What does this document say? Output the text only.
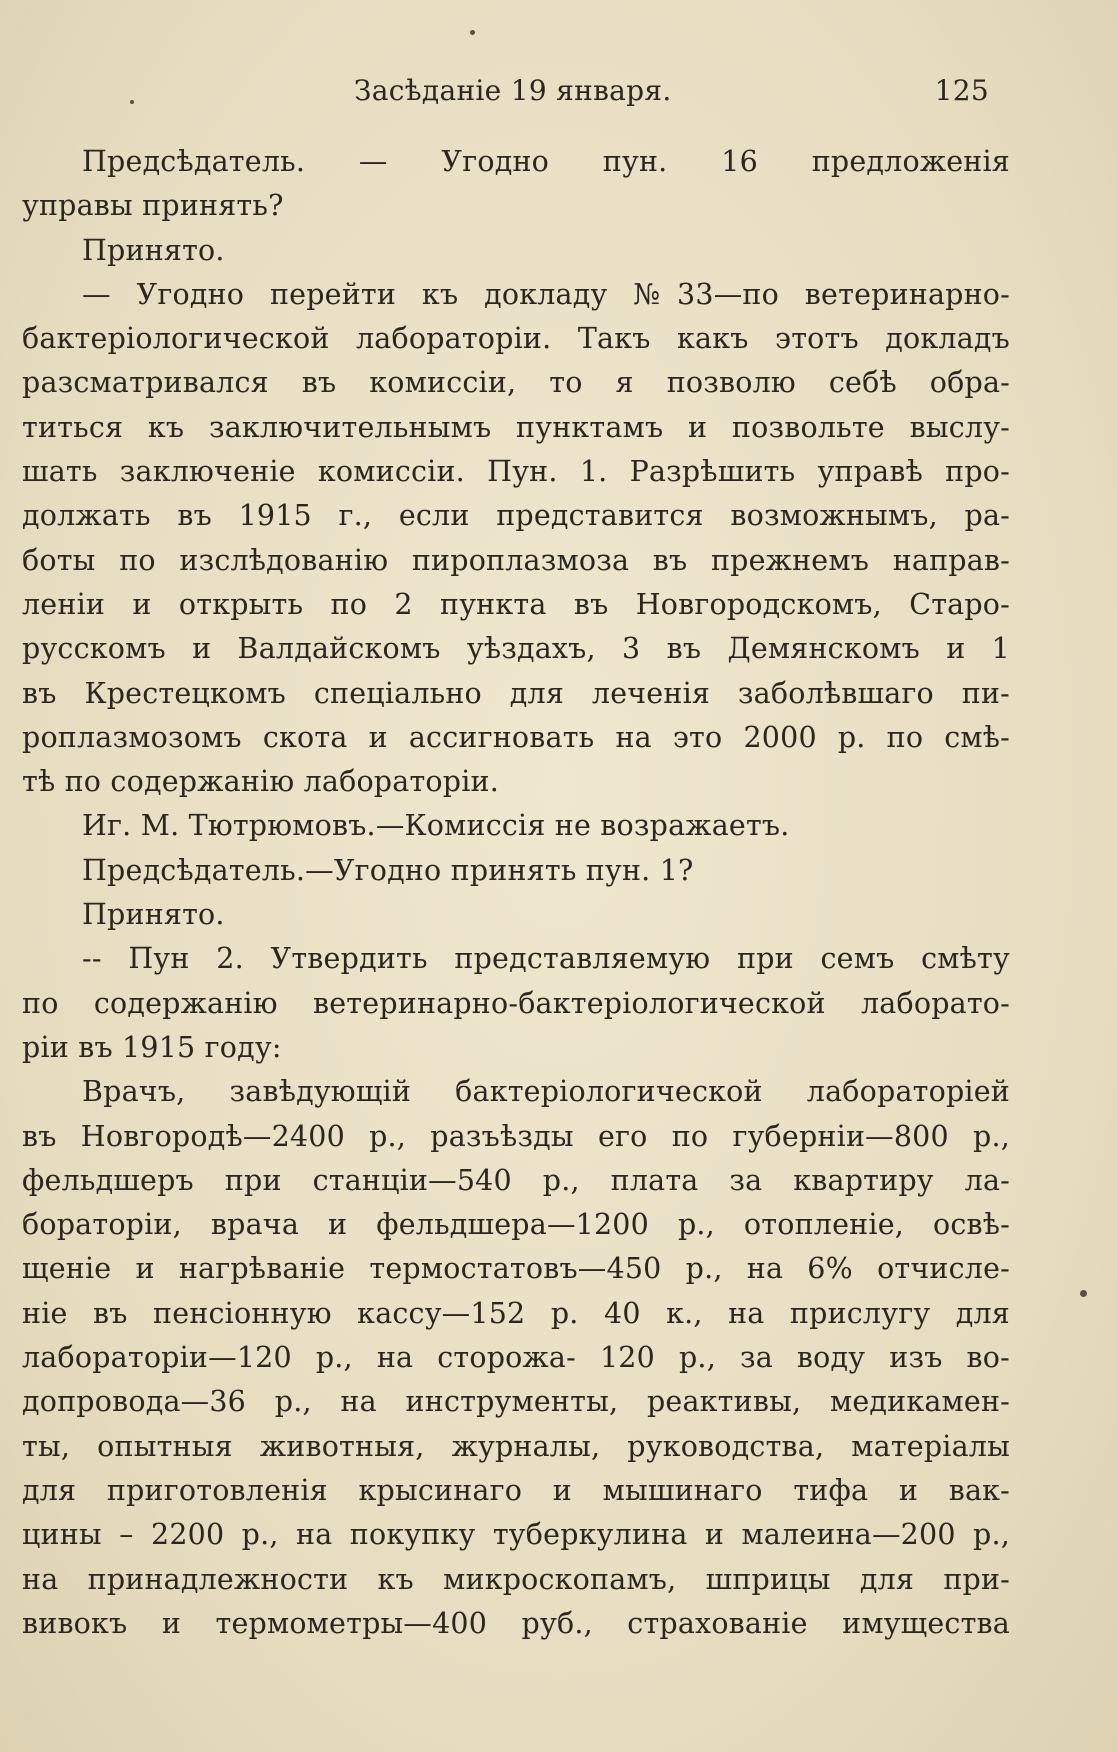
Засѣданіе 19 января.	125
Предсѣдатель. — Угодно пун. 16 предложенія
управы принять?
Принято.
— Угодно перейти къ докладу №33—по ветеринарно-
бактеріологической лабораторіи. Такъ какъ этотъ докладъ
разсматривался въ комиссіи, то я позволю себѣ обра-
титься къ заключительнымъ пунктамъ и позвольте выслу-
шать заключеніе комиссіи. Пун. 1. Разрѣшить управѣ про-
должать въ 1915 г., если представится возможнымъ, ра-
боты по изслѣдованію пироплазмоза въ прежнемъ направ-
леніи и открыть по 2 пункта въ Новгородскомъ, Старо-
русскомъ и Валдайскомъ уѣздахъ, 3 въ Демянскомъ и 1
въ Крестецкомъ спеціально для леченія заболѣвшаго пи-
роплазмозомъ скота и ассигновать на это 2000 р. по смѣ-
тѣ по содержанію лабораторіи.
Иг. М. Тютрюмовъ.—Комиссія не возражаетъ.
Предсѣдатель.—Угодно принять пун. 1?
Принято.
-- Пун 2. Утвердить представляемую при семъ смѣту
по содержанію ветеринарно-бактеріологической лаборато-
ріи въ 1915 году:
Врачъ, завѣдующій бактеріологической лабораторіей
въ Новгородѣ—2400 р., разъѣзды его по губерніи—800 р.,
фельдшеръ при станціи—540 р., плата за квартиру ла-
бораторіи, врача и фельдшера—1200 р., отопленіе, освѣ-
щеніе и нагрѣваніе термостатовъ—450 р., на 6% отчисле-
ніе въ пенсіонную кассу—152 р. 40 к., на прислугу для
лабораторіи—120 р., на сторожа- 120 р., за воду изъ во-
допровода—36 р., на инструменты, реактивы, медикамен-
ты, опытныя животныя, журналы, руководства, матеріалы
для приготовленія крысинаго и мышинаго тифа и вак-
цины – 2200 р., на покупку туберкулина и малеина—200 р.,
на принадлежности къ микроскопамъ, шприцы для при-
вивокъ и термометры—400 руб., страхованіе имущества
